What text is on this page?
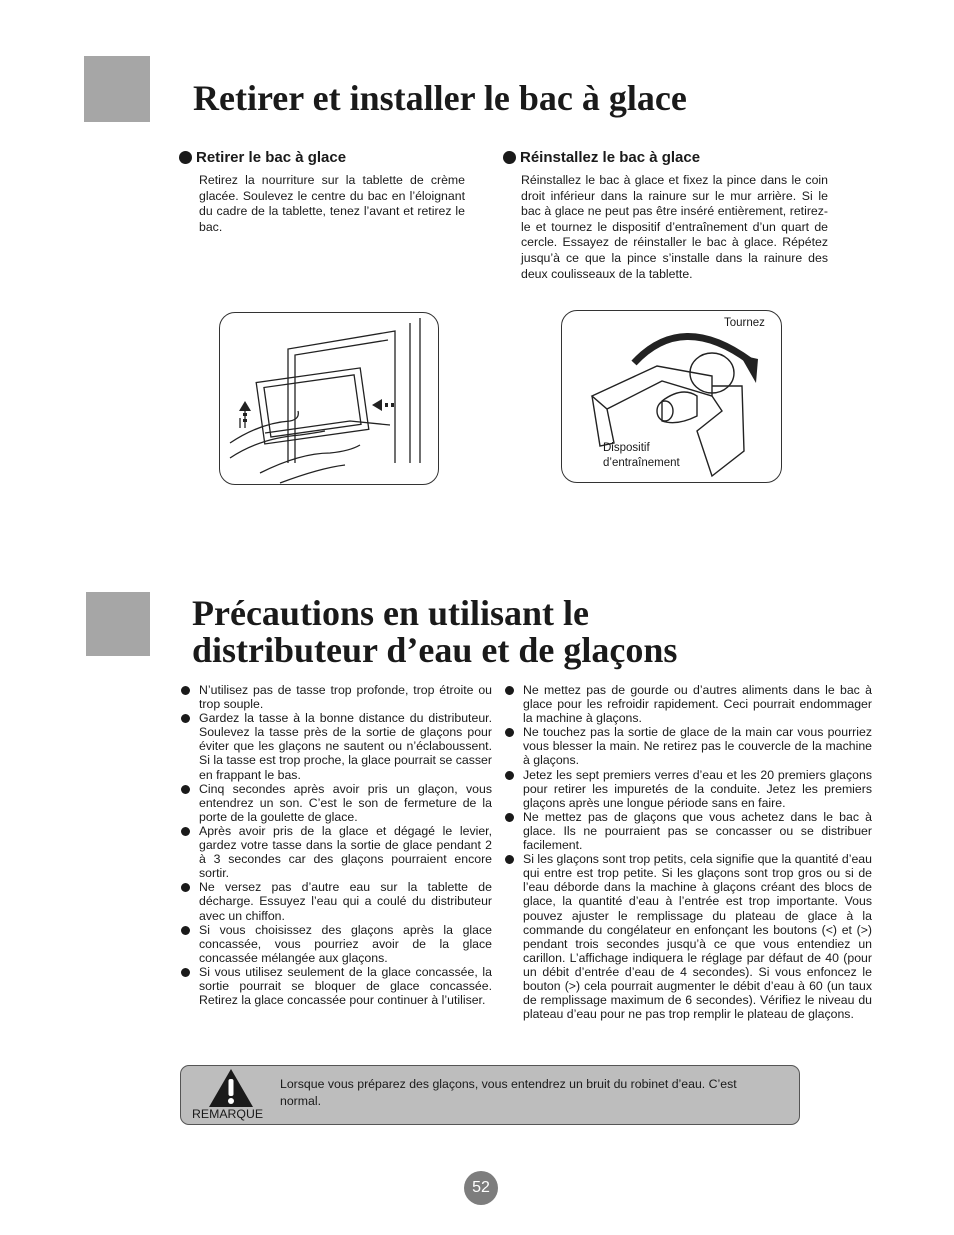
Retirer et installer le bac à glace
Retirer le bac à glace
Retirez la nourriture sur la tablette de crème glacée. Soulevez le centre du bac en l’éloignant du cadre de la tablette, tenez l’avant et retirez le bac.
Réinstallez le bac à glace
Réinstallez le bac à glace et fixez la pince dans le coin droit inférieur dans la rainure sur le mur arrière. Si le bac à glace ne peut pas être inséré entièrement, retirez-le et tournez le dispositif d’entraînement d’un quart de cercle. Essayez de réinstaller le bac à glace. Répétez jusqu’à ce que la pince s’installe dans la rainure des deux coulisseaux de la tablette.
Tournez
Dispositif
d’entraînement
Précautions en utilisant le
distributeur d’eau et de glaçons
N’utilisez pas de tasse trop profonde, trop étroite ou trop souple.
Gardez la tasse à la bonne distance du distributeur. Soulevez la tasse près de la sortie de glaçons pour éviter que les glaçons ne sautent ou n’éclaboussent. Si la tasse est trop proche, la glace pourrait se casser en frappant le bas.
Cinq secondes après avoir pris un glaçon, vous entendrez un son. C’est le son de fermeture de la porte de la goulette de glace.
Après avoir pris de la glace et dégagé le levier, gardez votre tasse dans la sortie de glace pendant 2 à 3 secondes car des glaçons pourraient encore sortir.
Ne versez pas d’autre eau sur la tablette de décharge. Essuyez l’eau qui a coulé du distributeur avec un chiffon.
Si vous choisissez des glaçons après la glace concassée, vous pourriez avoir de la glace concassée mélangée aux glaçons.
Si vous utilisez seulement de la glace concassée, la sortie pourrait se bloquer de glace concassée. Retirez la glace concassée pour continuer à l’utiliser.
Ne mettez pas de gourde ou d’autres aliments dans le bac à glace pour les refroidir rapidement. Ceci pourrait endommager la machine à glaçons.
Ne touchez pas la sortie de glace de la main car vous pourriez vous blesser la main. Ne retirez pas le couvercle de la machine à glaçons.
Jetez les sept premiers verres d’eau et les 20 premiers glaçons pour retirer les impuretés de la conduite. Jetez les premiers glaçons après une longue période sans en faire.
Ne mettez pas de glaçons que vous achetez dans le bac à glace. Ils ne pourraient pas se concasser ou se distribuer facilement.
Si les glaçons sont trop petits, cela signifie que la quantité d’eau qui entre est trop petite. Si les glaçons sont trop gros ou si de l’eau déborde dans la machine à glaçons créant des blocs de glace, la quantité d’eau à l’entrée est trop importante. Vous pouvez ajuster le remplissage du plateau de glace à la commande du congélateur en enfonçant les boutons (<) et (>) pendant trois secondes jusqu’à ce que vous entendiez un carillon. L’affichage indiquera le réglage par défaut de 40 (pour un débit d’entrée d’eau de 4 secondes). Si vous enfoncez le bouton (>) cela pourrait augmenter le débit d’eau à 60 (un taux de remplissage maximum de 6 secondes). Vérifiez le niveau du plateau d’eau pour ne pas trop remplir le plateau de glaçons.
REMARQUE
Lorsque vous préparez des glaçons, vous entendrez un bruit du robinet d’eau. C’est normal.
52
